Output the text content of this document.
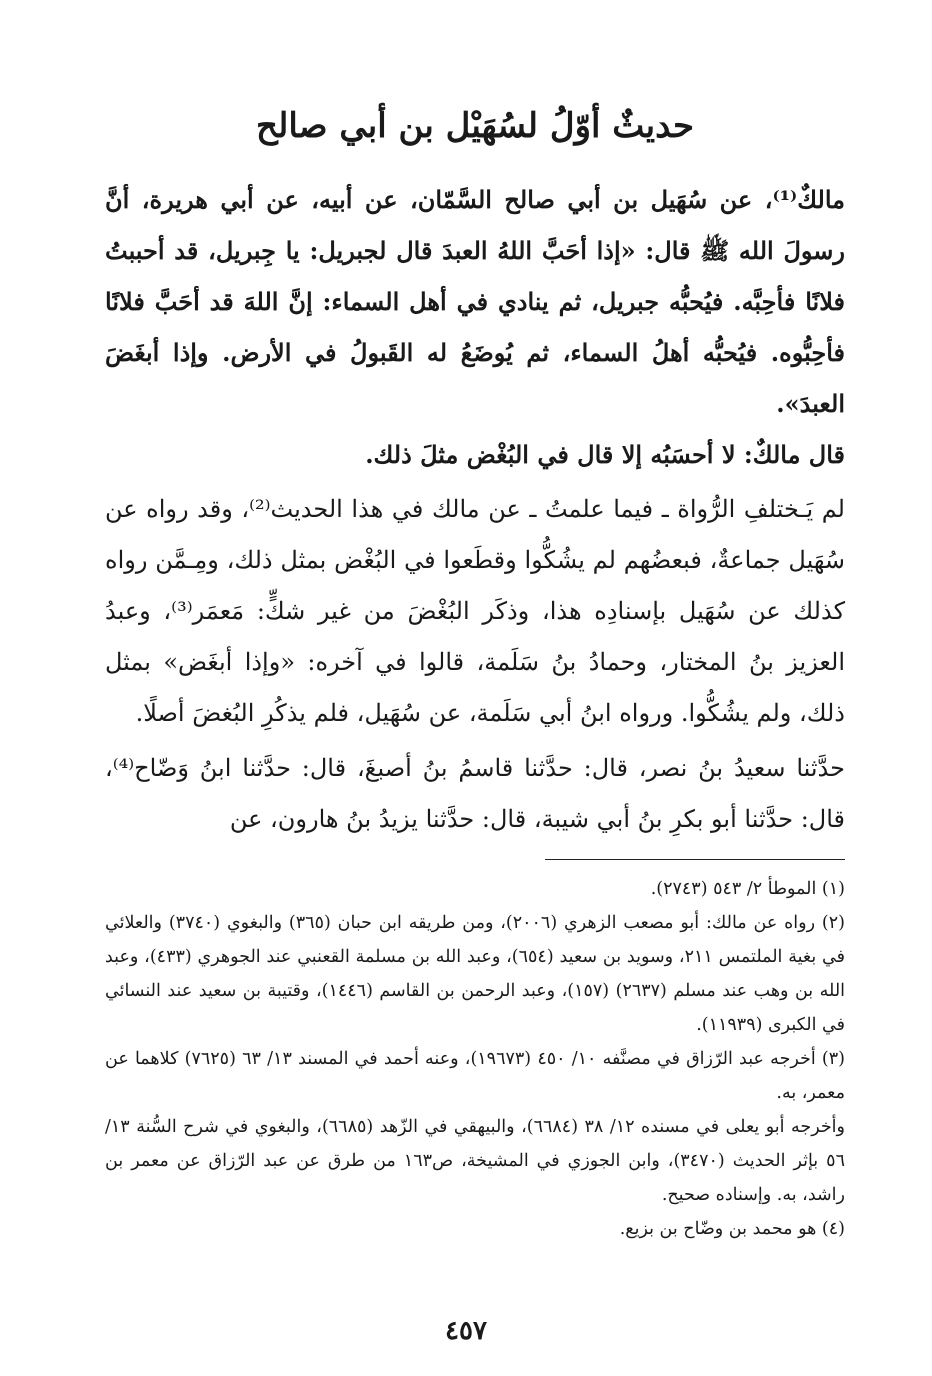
حديثٌ أوّلُ لسُهَيْل بن أبي صالح

مالكٌ⁽¹⁾، عن سُهَيل بن أبي صالح السَّمّان، عن أبيه، عن أبي هريرة، أنَّ رسولَ الله ﷺ قال: «إذا أحَبَّ اللهُ العبدَ قال لجبريل: يا جِبريل، قد أحببتُ فلانًا فأحِبَّه. فيُحبُّه جبريل، ثم ينادي في أهل السماء: إنَّ اللهَ قد أحَبَّ فلانًا فأحِبُّوه. فيُحبُّه أهلُ السماء، ثم يُوضَعُ له القَبولُ في الأرض. وإذا أبغَضَ العبدَ».

قال مالكٌ: لا أحسَبُه إلا قال في البُغْض مثلَ ذلك.

لم يَـختلفِ الرُّواة ـ فيما علمتُ ـ عن مالك في هذا الحديث⁽²⁾، وقد رواه عن سُهَيل جماعةٌ، فبعضُهم لم يشُكُّوا وقطَعوا في البُغْض بمثل ذلك، ومِـمَّن رواه كذلك عن سُهَيل بإسنادِه هذا، وذكَر البُغْضَ من غير شكٍّ: مَعمَر⁽³⁾، وعبدُ العزيز بنُ المختار، وحمادُ بنُ سَلَمة، قالوا في آخره: «وإذا أبغَض» بمثل ذلك، ولم يشُكُّوا. ورواه ابنُ أبي سَلَمة، عن سُهَيل، فلم يذكُرِ البُغضَ أصلًا.

حدَّثنا سعيدُ بنُ نصر، قال: حدَّثنا قاسمُ بنُ أصبغَ، قال: حدَّثنا ابنُ وَضّاح⁽⁴⁾، قال: حدَّثنا أبو بكرِ بنُ أبي شيبة، قال: حدَّثنا يزيدُ بنُ هارون، عن

(١) الموطأ ٢/ ٥٤٣ (٢٧٤٣).

(٢) رواه عن مالك: أبو مصعب الزهري (٢٠٠٦)، ومن طريقه ابن حبان (٣٦٥) والبغوي (٣٧٤٠) والعلائي في بغية الملتمس ٢١١، وسويد بن سعيد (٦٥٤)، وعبد الله بن مسلمة القعنبي عند الجوهري (٤٣٣)، وعبد الله بن وهب عند مسلم (٢٦٣٧) (١٥٧)، وعبد الرحمن بن القاسم (١٤٤٦)، وقتيبة بن سعيد عند النسائي في الكبرى (١١٩٣٩).

(٣) أخرجه عبد الرّزاق في مصنَّفه ١٠/ ٤٥٠ (١٩٦٧٣)، وعنه أحمد في المسند ١٣/ ٦٣ (٧٦٢٥) كلاهما عن معمر، به.

وأخرجه أبو يعلى في مسنده ١٢/ ٣٨ (٦٦٨٤)، والبيهقي في الزّهد (٦٦٨٥)، والبغوي في شرح السُّنة ١٣/ ٥٦ بإثر الحديث (٣٤٧٠)، وابن الجوزي في المشيخة، ص١٦٣ من طرق عن عبد الرّزاق عن معمر بن راشد، به. وإسناده صحيح.

(٤) هو محمد بن وضّاح بن بزيع.

٤٥٧
